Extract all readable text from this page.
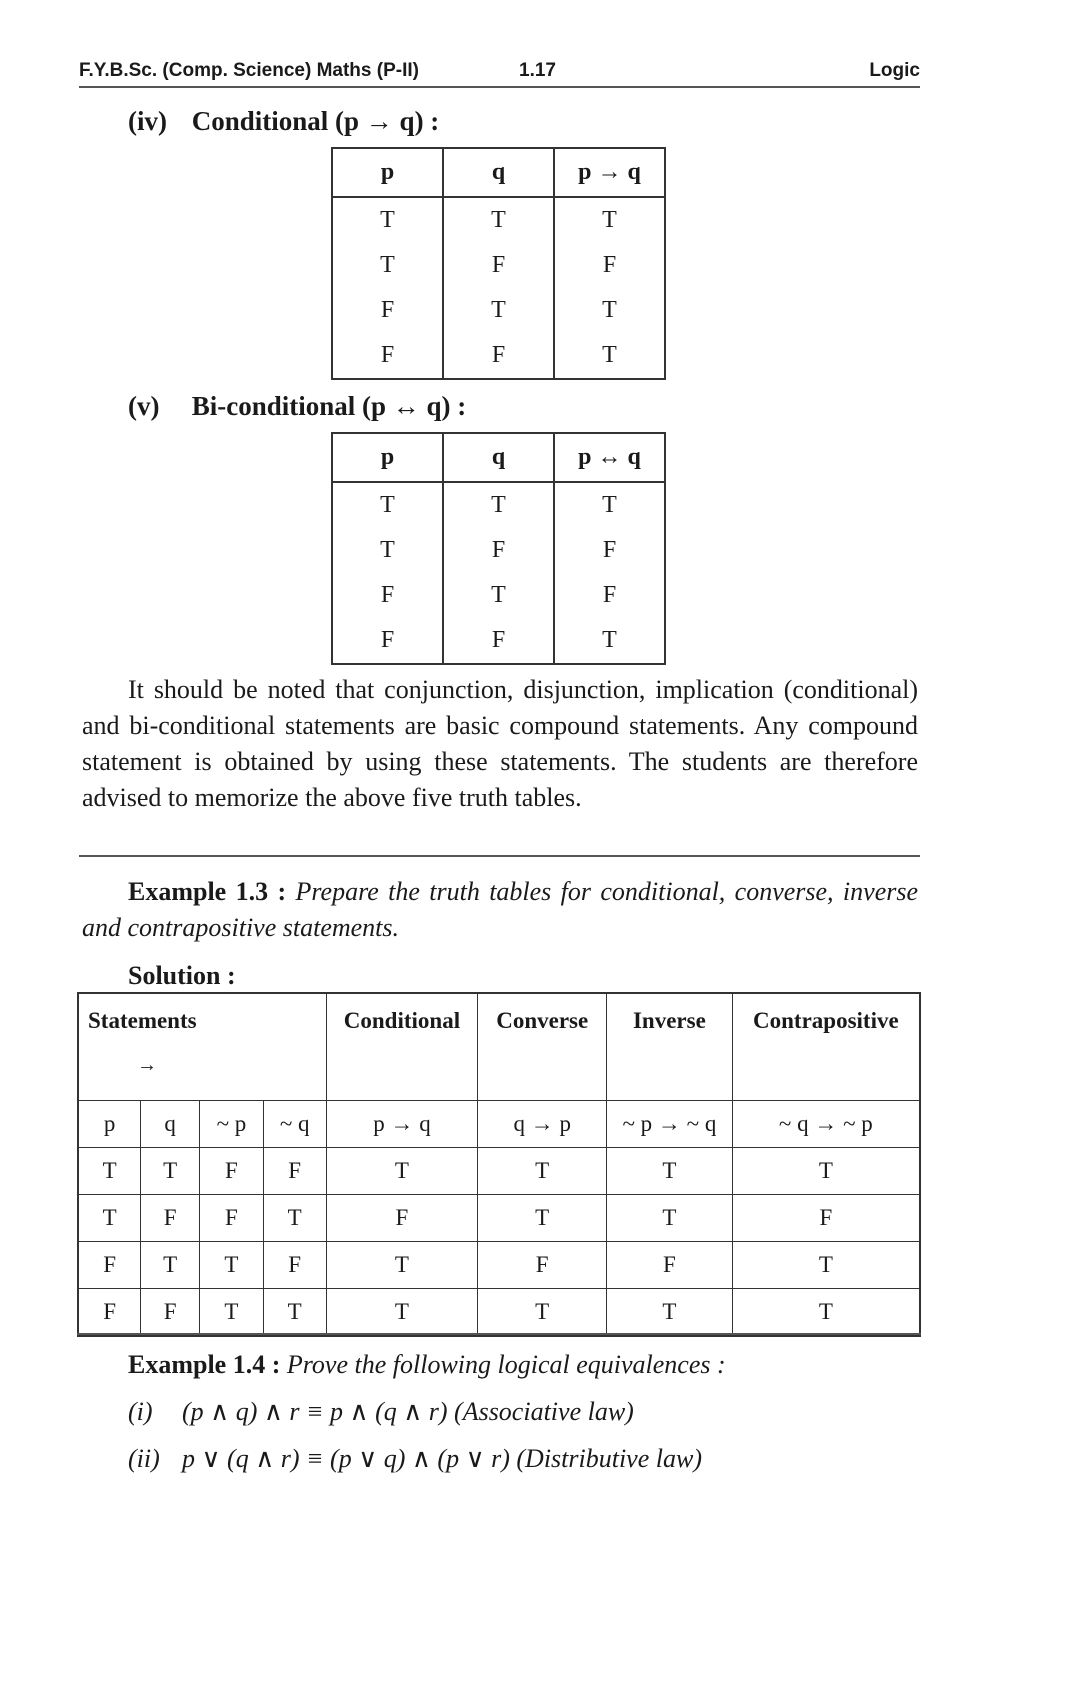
F.Y.B.Sc. (Comp. Science) Maths (P-II)	1.17	Logic
(iv) Conditional (p → q) :
p	q	p → q
T	T	T
T	F	F
F	T	T
F	F	T
(v) Bi-conditional (p ↔ q) :
p	q	p ↔ q
T	T	T
T	F	F
F	T	F
F	F	T

It should be noted that conjunction, disjunction, implication (conditional) and bi-conditional statements are basic compound statements. Any compound statement is obtained by using these statements. The students are therefore advised to memorize the above five truth tables.

Example 1.3 : Prepare the truth tables for conditional, converse, inverse and contrapositive statements.
Solution :
Statements
→				Conditional	Converse	Inverse	Contrapositive
p	q	~ p	~ q	p → q	q → p	~ p → ~ q	~ q → ~ p
T	T	F	F	T	T	T	T
T	F	F	T	F	T	T	F
F	T	T	F	T	F	F	T
F	F	T	T	T	T	T	T
Example 1.4 : Prove the following logical equivalences :
(i) (p ∧ q) ∧ r ≡ p ∧ (q ∧ r) (Associative law)
(ii) p ∨ (q ∧ r) ≡ (p ∨ q) ∧ (p ∨ r) (Distributive law)
